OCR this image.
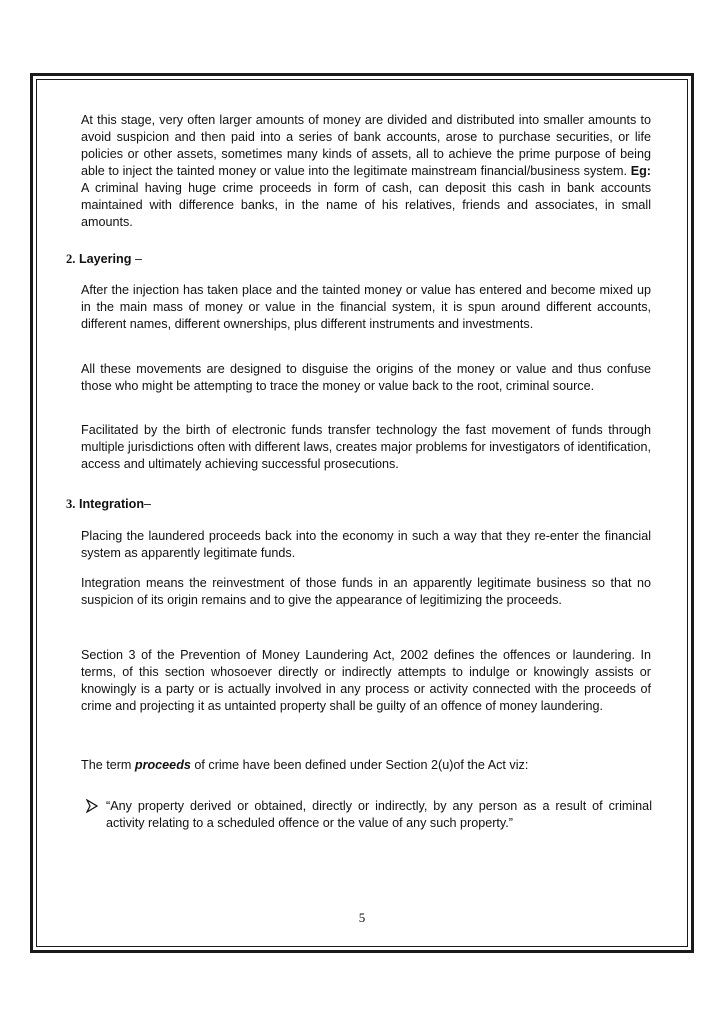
At this stage, very often larger amounts of money are divided and distributed into smaller amounts to avoid suspicion and then paid into a series of bank accounts, arose to purchase securities, or life policies or other assets, sometimes many kinds of assets, all to achieve the prime purpose of being able to inject the tainted money or value into the legitimate mainstream financial/business system. Eg: A criminal having huge crime proceeds in form of cash, can deposit this cash in bank accounts maintained with difference banks, in the name of his relatives, friends and associates, in small amounts.

2. Layering –

After the injection has taken place and the tainted money or value has entered and become mixed up in the main mass of money or value in the financial system, it is spun around different accounts, different names, different ownerships, plus different instruments and investments.

All these movements are designed to disguise the origins of the money or value and thus confuse those who might be attempting to trace the money or value back to the root, criminal source.

Facilitated by the birth of electronic funds transfer technology the fast movement of funds through multiple jurisdictions often with different laws, creates major problems for investigators of identification, access and ultimately achieving successful prosecutions.

3. Integration–

Placing the laundered proceeds back into the economy in such a way that they re-enter the financial system as apparently legitimate funds.

Integration means the reinvestment of those funds in an apparently legitimate business so that no suspicion of its origin remains and to give the appearance of legitimizing the proceeds.

Section 3 of the Prevention of Money Laundering Act, 2002 defines the offences or laundering. In terms, of this section whosoever directly or indirectly attempts to indulge or knowingly assists or knowingly is a party or is actually involved in any process or activity connected with the proceeds of crime and projecting it as untainted property shall be guilty of an offence of money laundering.

The term proceeds of crime have been defined under Section 2(u)of the Act viz:

“Any property derived or obtained, directly or indirectly, by any person as a result of criminal activity relating to a scheduled offence or the value of any such property.”

5
